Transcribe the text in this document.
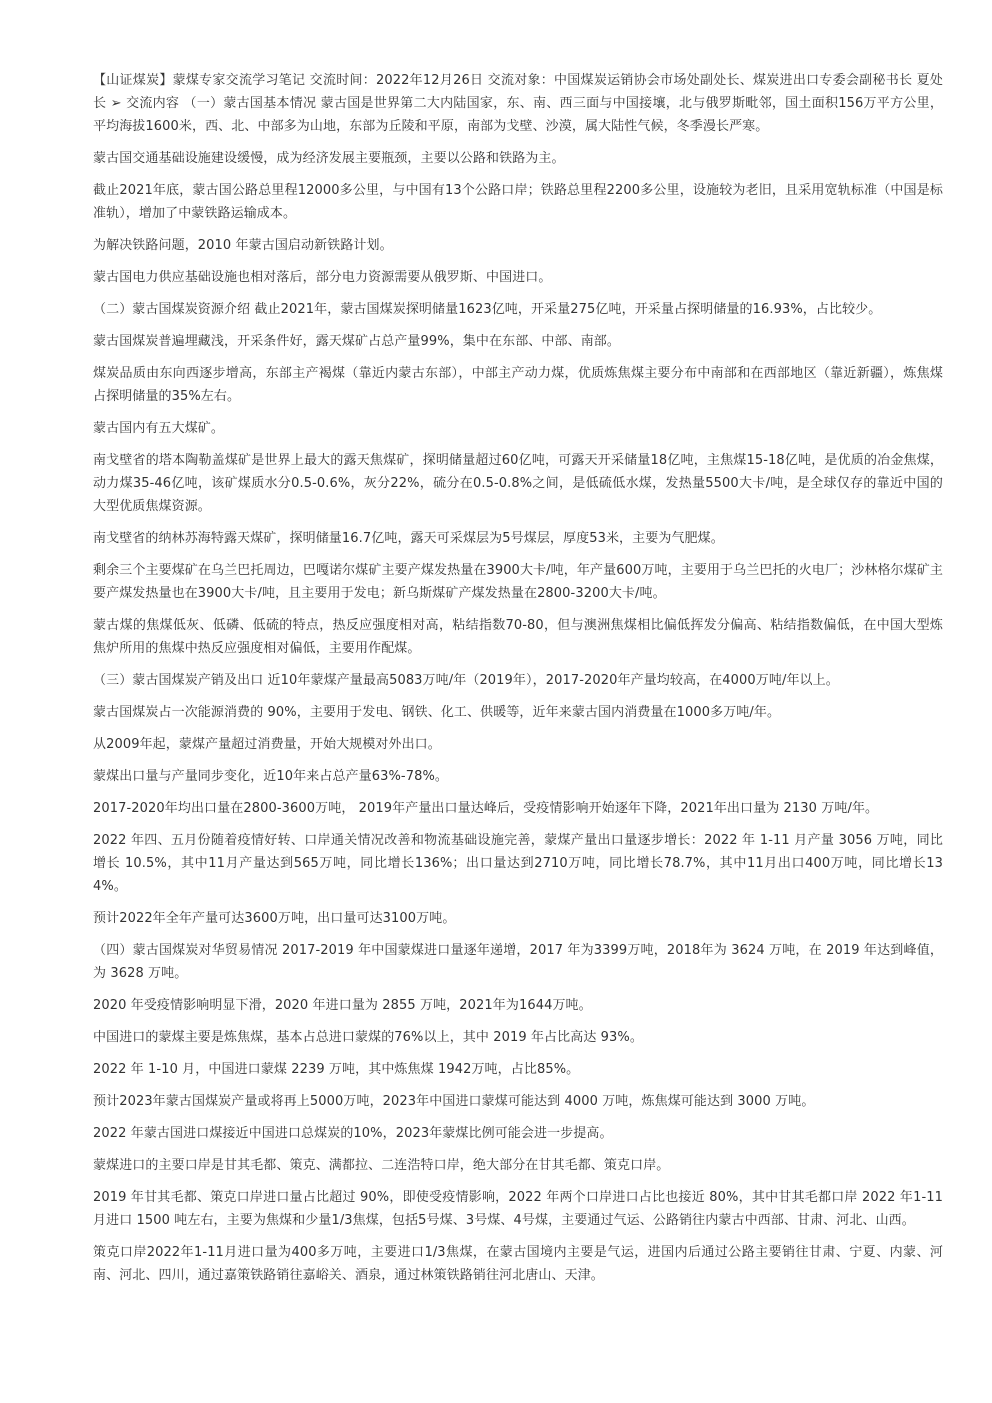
【山证煤炭】蒙煤专家交流学习笔记 交流时间：2022年12月26日 交流对象：中国煤炭运销协会市场处副处长、煤炭进出口专委会副秘书长 夏处长 ➢ 交流内容 （一）蒙古国基本情况 蒙古国是世界第二大内陆国家，东、南、西三面与中国接壤，北与俄罗斯毗邻，国土面积156万平方公里，平均海拔1600米，西、北、中部多为山地，东部为丘陵和平原，南部为戈壁、沙漠，属大陆性气候，冬季漫长严寒。

蒙古国交通基础设施建设缓慢，成为经济发展主要瓶颈，主要以公路和铁路为主。

截止2021年底，蒙古国公路总里程12000多公里，与中国有13个公路口岸；铁路总里程2200多公里，设施较为老旧，且采用宽轨标准（中国是标准轨），增加了中蒙铁路运输成本。

为解决铁路问题，2010 年蒙古国启动新铁路计划。

蒙古国电力供应基础设施也相对落后，部分电力资源需要从俄罗斯、中国进口。

（二）蒙古国煤炭资源介绍 截止2021年，蒙古国煤炭探明储量1623亿吨，开采量275亿吨，开采量占探明储量的16.93%，占比较少。

蒙古国煤炭普遍埋藏浅，开采条件好，露天煤矿占总产量99%，集中在东部、中部、南部。

煤炭品质由东向西逐步增高，东部主产褐煤（靠近内蒙古东部），中部主产动力煤，优质炼焦煤主要分布中南部和在西部地区（靠近新疆），炼焦煤占探明储量的35%左右。

蒙古国内有五大煤矿。

南戈壁省的塔本陶勒盖煤矿是世界上最大的露天焦煤矿，探明储量超过60亿吨，可露天开采储量18亿吨，主焦煤15-18亿吨，是优质的冶金焦煤，动力煤35-46亿吨，该矿煤质水分0.5-0.6%，灰分22%，硫分在0.5-0.8%之间，是低硫低水煤，发热量5500大卡/吨，是全球仅存的靠近中国的大型优质焦煤资源。

南戈壁省的纳林苏海特露天煤矿，探明储量16.7亿吨，露天可采煤层为5号煤层，厚度53米，主要为气肥煤。

剩余三个主要煤矿在乌兰巴托周边，巴嘎诺尔煤矿主要产煤发热量在3900大卡/吨，年产量600万吨，主要用于乌兰巴托的火电厂；沙林格尔煤矿主要产煤发热量也在3900大卡/吨，且主要用于发电；新乌斯煤矿产煤发热量在2800-3200大卡/吨。

蒙古煤的焦煤低灰、低磷、低硫的特点，热反应强度相对高，粘结指数70-80，但与澳洲焦煤相比偏低挥发分偏高、粘结指数偏低，在中国大型炼焦炉所用的焦煤中热反应强度相对偏低，主要用作配煤。

（三）蒙古国煤炭产销及出口 近10年蒙煤产量最高5083万吨/年（2019年），2017-2020年产量均较高，在4000万吨/年以上。

蒙古国煤炭占一次能源消费的 90%，主要用于发电、钢铁、化工、供暖等，近年来蒙古国内消费量在1000多万吨/年。

从2009年起，蒙煤产量超过消费量，开始大规模对外出口。

蒙煤出口量与产量同步变化，近10年来占总产量63%-78%。

2017-2020年均出口量在2800-3600万吨， 2019年产量出口量达峰后，受疫情影响开始逐年下降，2021年出口量为 2130 万吨/年。

2022 年四、五月份随着疫情好转、口岸通关情况改善和物流基础设施完善，蒙煤产量出口量逐步增长：2022 年 1-11 月产量 3056 万吨，同比增长 10.5%，其中11月产量达到565万吨，同比增长136%；出口量达到2710万吨，同比增长78.7%，其中11月出口400万吨，同比增长134%。

预计2022年全年产量可达3600万吨，出口量可达3100万吨。

（四）蒙古国煤炭对华贸易情况 2017-2019 年中国蒙煤进口量逐年递增，2017 年为3399万吨，2018年为 3624 万吨，在 2019 年达到峰值，为 3628 万吨。

2020 年受疫情影响明显下滑，2020 年进口量为 2855 万吨，2021年为1644万吨。

中国进口的蒙煤主要是炼焦煤，基本占总进口蒙煤的76%以上，其中 2019 年占比高达 93%。

2022 年 1-10 月，中国进口蒙煤 2239 万吨，其中炼焦煤 1942万吨，占比85%。

预计2023年蒙古国煤炭产量或将再上5000万吨，2023年中国进口蒙煤可能达到 4000 万吨，炼焦煤可能达到 3000 万吨。

2022 年蒙古国进口煤接近中国进口总煤炭的10%，2023年蒙煤比例可能会进一步提高。

蒙煤进口的主要口岸是甘其毛都、策克、满都拉、二连浩特口岸，绝大部分在甘其毛都、策克口岸。

2019 年甘其毛都、策克口岸进口量占比超过 90%，即使受疫情影响，2022 年两个口岸进口占比也接近 80%，其中甘其毛都口岸 2022 年1-11 月进口 1500 吨左右，主要为焦煤和少量1/3焦煤，包括5号煤、3号煤、4号煤，主要通过气运、公路销往内蒙古中西部、甘肃、河北、山西。

策克口岸2022年1-11月进口量为400多万吨，主要进口1/3焦煤，在蒙古国境内主要是气运，进国内后通过公路主要销往甘肃、宁夏、内蒙、河南、河北、四川，通过嘉策铁路销往嘉峪关、酒泉，通过林策铁路销往河北唐山、天津。
